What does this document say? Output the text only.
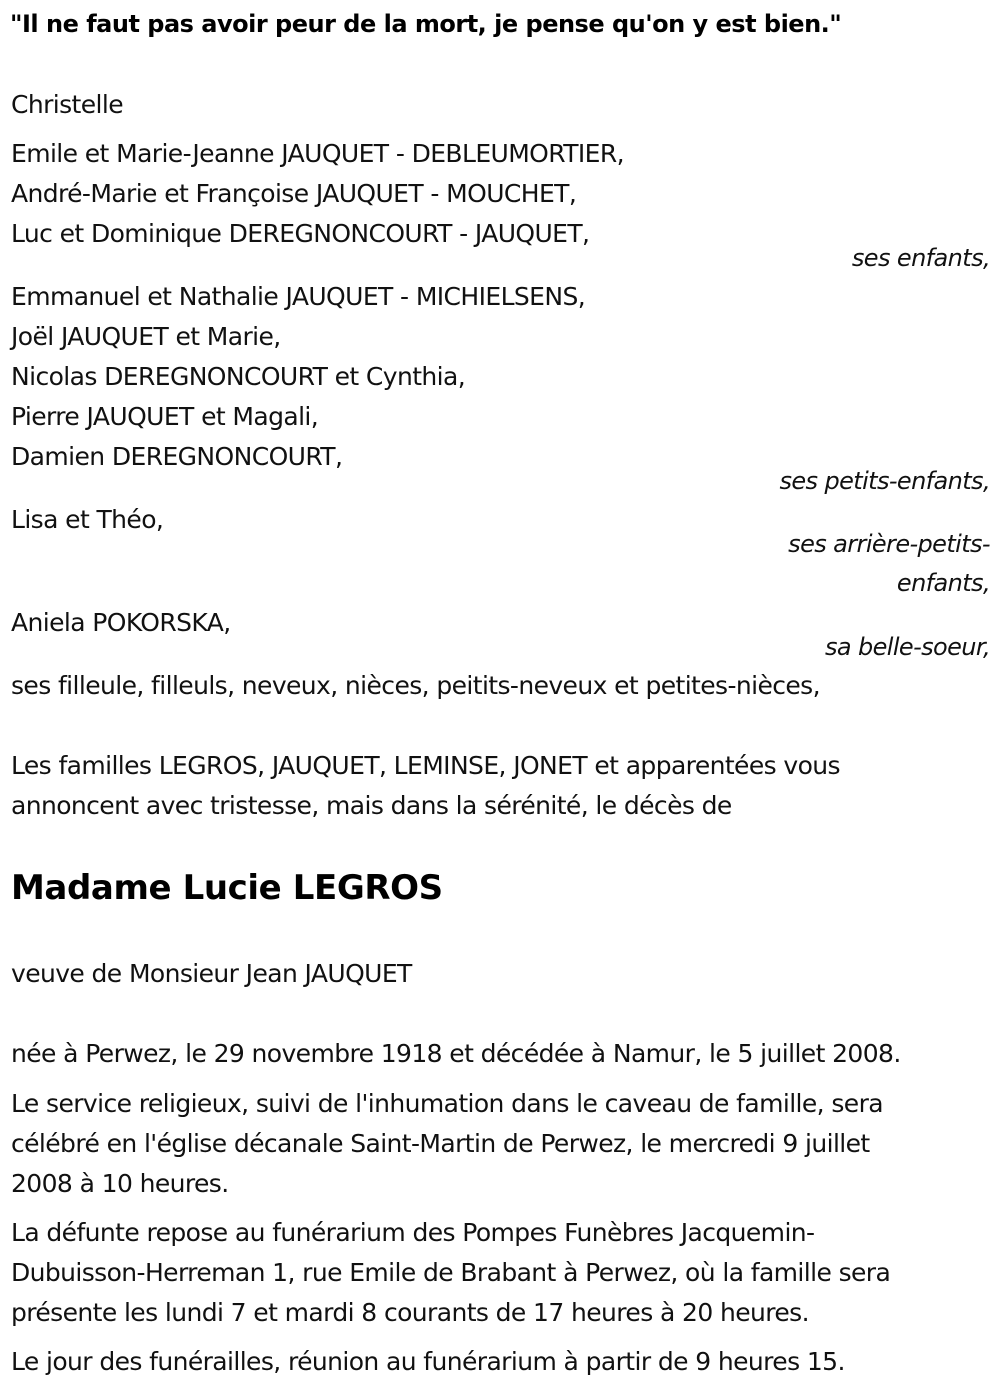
"Il ne faut pas avoir peur de la mort, je pense qu'on y est bien."
Christelle
Emile et Marie-Jeanne JAUQUET - DEBLEUMORTIER,
André-Marie et Françoise JAUQUET - MOUCHET,
Luc et Dominique DEREGNONCOURT - JAUQUET,
ses enfants,
Emmanuel et Nathalie JAUQUET - MICHIELSENS,
Joël JAUQUET et Marie,
Nicolas DEREGNONCOURT et Cynthia,
Pierre JAUQUET et Magali,
Damien DEREGNONCOURT,
ses petits-enfants,
Lisa et Théo,
ses arrière-petits-
enfants,
Aniela POKORSKA,
sa belle-soeur,
ses filleule, filleuls, neveux, nièces, peitits-neveux et petites-nièces,
Les familles LEGROS, JAUQUET, LEMINSE, JONET et apparentées vous
annoncent avec tristesse, mais dans la sérénité, le décès de
Madame Lucie LEGROS
veuve de Monsieur Jean JAUQUET
née à Perwez, le 29 novembre 1918 et décédée à Namur, le 5 juillet 2008.
Le service religieux, suivi de l'inhumation dans le caveau de famille, sera
célébré en l'église décanale Saint-Martin de Perwez, le mercredi 9 juillet
2008 à 10 heures.
La défunte repose au funérarium des Pompes Funèbres Jacquemin-
Dubuisson-Herreman 1, rue Emile de Brabant à Perwez, où la famille sera
présente les lundi 7 et mardi 8 courants de 17 heures à 20 heures.
Le jour des funérailles, réunion au funérarium à partir de 9 heures 15.
